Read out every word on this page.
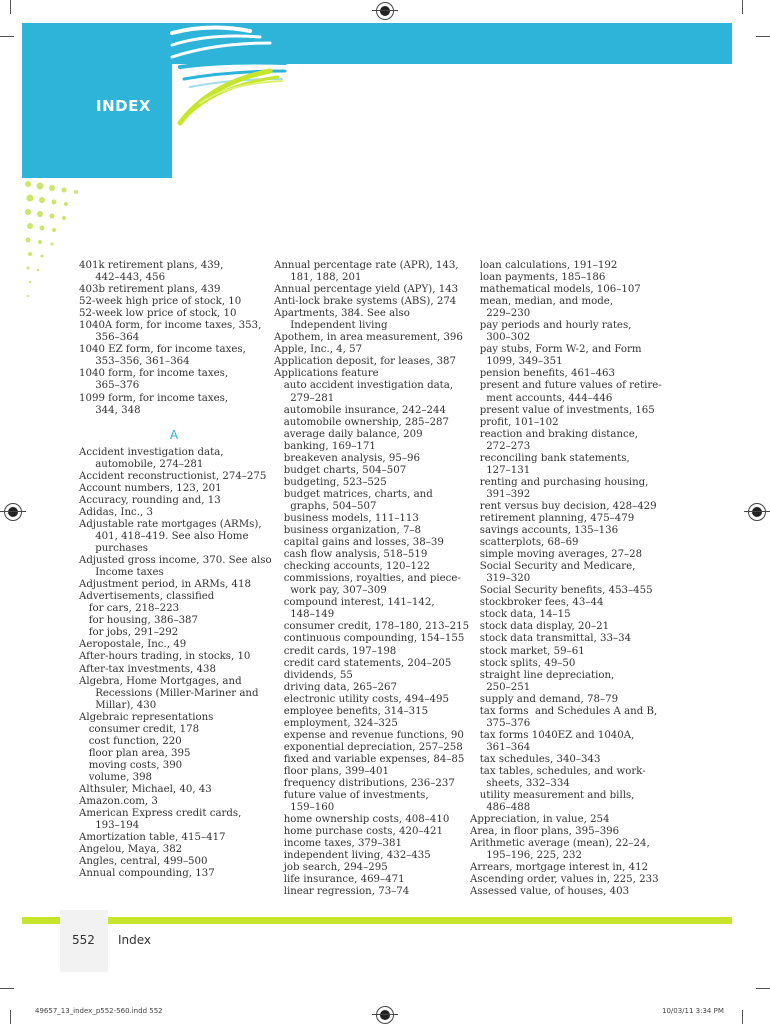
INDEX
401k retirement plans, 439,
442–443, 456
403b retirement plans, 439
52-week high price of stock, 10
52-week low price of stock, 10
1040A form, for income taxes, 353,
356–364
1040 EZ form, for income taxes,
353–356, 361–364
1040 form, for income taxes,
365–376
1099 form, for income taxes,
344, 348
A
Accident investigation data,
automobile, 274–281
Accident reconstructionist, 274–275
Account numbers, 123, 201
Accuracy, rounding and, 13
Adidas, Inc., 3
Adjustable rate mortgages (ARMs),
401, 418–419. See also Home
purchases
Adjusted gross income, 370. See also
Income taxes
Adjustment period, in ARMs, 418
Advertisements, classified
for cars, 218–223
for housing, 386–387
for jobs, 291–292
Aeropostale, Inc., 49
After-hours trading, in stocks, 10
After-tax investments, 438
Algebra, Home Mortgages, and
Recessions (Miller-Mariner and
Millar), 430
Algebraic representations
consumer credit, 178
cost function, 220
floor plan area, 395
moving costs, 390
volume, 398
Althsuler, Michael, 40, 43
Amazon.com, 3
American Express credit cards,
193–194
Amortization table, 415–417
Angelou, Maya, 382
Angles, central, 499–500
Annual compounding, 137
Annual percentage rate (APR), 143,
181, 188, 201
Annual percentage yield (APY), 143
Anti-lock brake systems (ABS), 274
Apartments, 384. See also
Independent living
Apothem, in area measurement, 396
Apple, Inc., 4, 57
Application deposit, for leases, 387
Applications feature
auto accident investigation data,
279–281
automobile insurance, 242–244
automobile ownership, 285–287
average daily balance, 209
banking, 169–171
breakeven analysis, 95–96
budget charts, 504–507
budgeting, 523–525
budget matrices, charts, and
graphs, 504–507
business models, 111–113
business organization, 7–8
capital gains and losses, 38–39
cash flow analysis, 518–519
checking accounts, 120–122
commissions, royalties, and piece-
work pay, 307–309
compound interest, 141–142,
148–149
consumer credit, 178–180, 213–215
continuous compounding, 154–155
credit cards, 197–198
credit card statements, 204–205
dividends, 55
driving data, 265–267
electronic utility costs, 494–495
employee benefits, 314–315
employment, 324–325
expense and revenue functions, 90
exponential depreciation, 257–258
fixed and variable expenses, 84–85
floor plans, 399–401
frequency distributions, 236–237
future value of investments,
159–160
home ownership costs, 408–410
home purchase costs, 420–421
income taxes, 379–381
independent living, 432–435
job search, 294–295
life insurance, 469–471
linear regression, 73–74
loan calculations, 191–192
loan payments, 185–186
mathematical models, 106–107
mean, median, and mode,
229–230
pay periods and hourly rates,
300–302
pay stubs, Form W-2, and Form
1099, 349–351
pension benefits, 461–463
present and future values of retire-
ment accounts, 444–446
present value of investments, 165
profit, 101–102
reaction and braking distance,
272–273
reconciling bank statements,
127–131
renting and purchasing housing,
391–392
rent versus buy decision, 428–429
retirement planning, 475–479
savings accounts, 135–136
scatterplots, 68–69
simple moving averages, 27–28
Social Security and Medicare,
319–320
Social Security benefits, 453–455
stockbroker fees, 43–44
stock data, 14–15
stock data display, 20–21
stock data transmittal, 33–34
stock market, 59–61
stock splits, 49–50
straight line depreciation,
250–251
supply and demand, 78–79
tax forms  and Schedules A and B,
375–376
tax forms 1040EZ and 1040A,
361–364
tax schedules, 340–343
tax tables, schedules, and work-
sheets, 332–334
utility measurement and bills,
486–488
Appreciation, in value, 254
Area, in floor plans, 395–396
Arithmetic average (mean), 22–24,
195–196, 225, 232
Arrears, mortgage interest in, 412
Ascending order, values in, 225, 233
Assessed value, of houses, 403
552 Index
49657_13_index_p552-560.indd 552	10/03/11 3:34 PM
